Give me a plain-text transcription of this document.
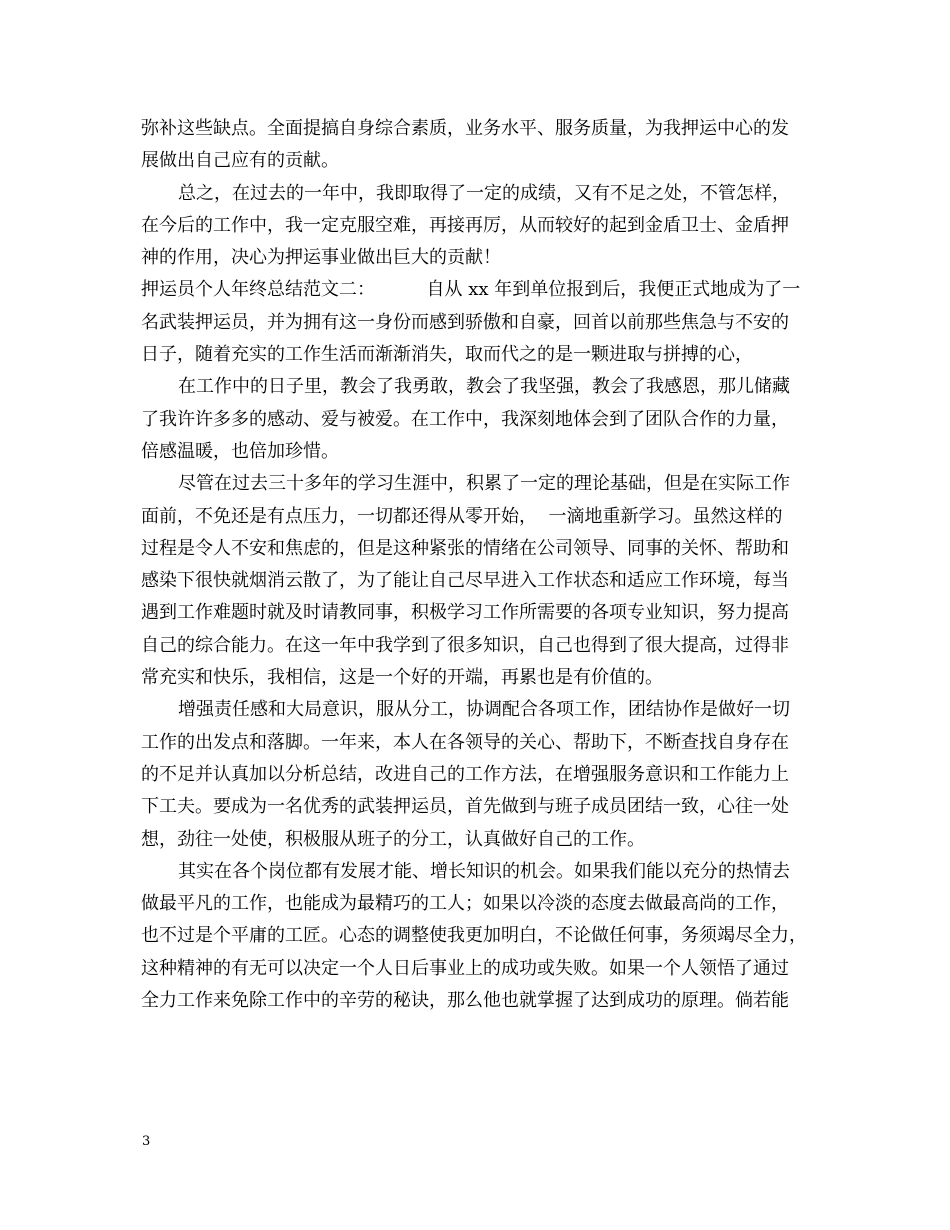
弥补这些缺点。全面提搞自身综合素质，业务水平、服务质量，为我押运中心的发
展做出自己应有的贡献。
总之，在过去的一年中，我即取得了一定的成绩，又有不足之处，不管怎样，
在今后的工作中，我一定克服空难，再接再厉，从而较好的起到金盾卫士、金盾押
神的作用，决心为押运事业做出巨大的贡献！
押运员个人年终总结范文二：         自从 xx 年到单位报到后，我便正式地成为了一
名武装押运员，并为拥有这一身份而感到骄傲和自豪，回首以前那些焦急与不安的
日子，随着充实的工作生活而渐渐消失，取而代之的是一颗进取与拼搏的心，
在工作中的日子里，教会了我勇敢，教会了我坚强，教会了我感恩，那儿储藏
了我许许多多的感动、爱与被爱。在工作中，我深刻地体会到了团队合作的力量，
倍感温暖，也倍加珍惜。
尽管在过去三十多年的学习生涯中，积累了一定的理论基础，但是在实际工作
面前，不免还是有点压力，一切都还得从零开始，  一滴地重新学习。虽然这样的
过程是令人不安和焦虑的，但是这种紧张的情绪在公司领导、同事的关怀、帮助和
感染下很快就烟消云散了，为了能让自己尽早进入工作状态和适应工作环境，每当
遇到工作难题时就及时请教同事，积极学习工作所需要的各项专业知识，努力提高
自己的综合能力。在这一年中我学到了很多知识，自己也得到了很大提高，过得非
常充实和快乐，我相信，这是一个好的开端，再累也是有价值的。
增强责任感和大局意识，服从分工，协调配合各项工作，团结协作是做好一切
工作的出发点和落脚。一年来，本人在各领导的关心、帮助下，不断查找自身存在
的不足并认真加以分析总结，改进自己的工作方法，在增强服务意识和工作能力上
下工夫。要成为一名优秀的武装押运员，首先做到与班子成员团结一致，心往一处
想，劲往一处使，积极服从班子的分工，认真做好自己的工作。
其实在各个岗位都有发展才能、增长知识的机会。如果我们能以充分的热情去
做最平凡的工作，也能成为最精巧的工人；如果以冷淡的态度去做最高尚的工作，
也不过是个平庸的工匠。心态的调整使我更加明白，不论做任何事，务须竭尽全力，
这种精神的有无可以决定一个人日后事业上的成功或失败。如果一个人领悟了通过
全力工作来免除工作中的辛劳的秘诀，那么他也就掌握了达到成功的原理。倘若能
3
